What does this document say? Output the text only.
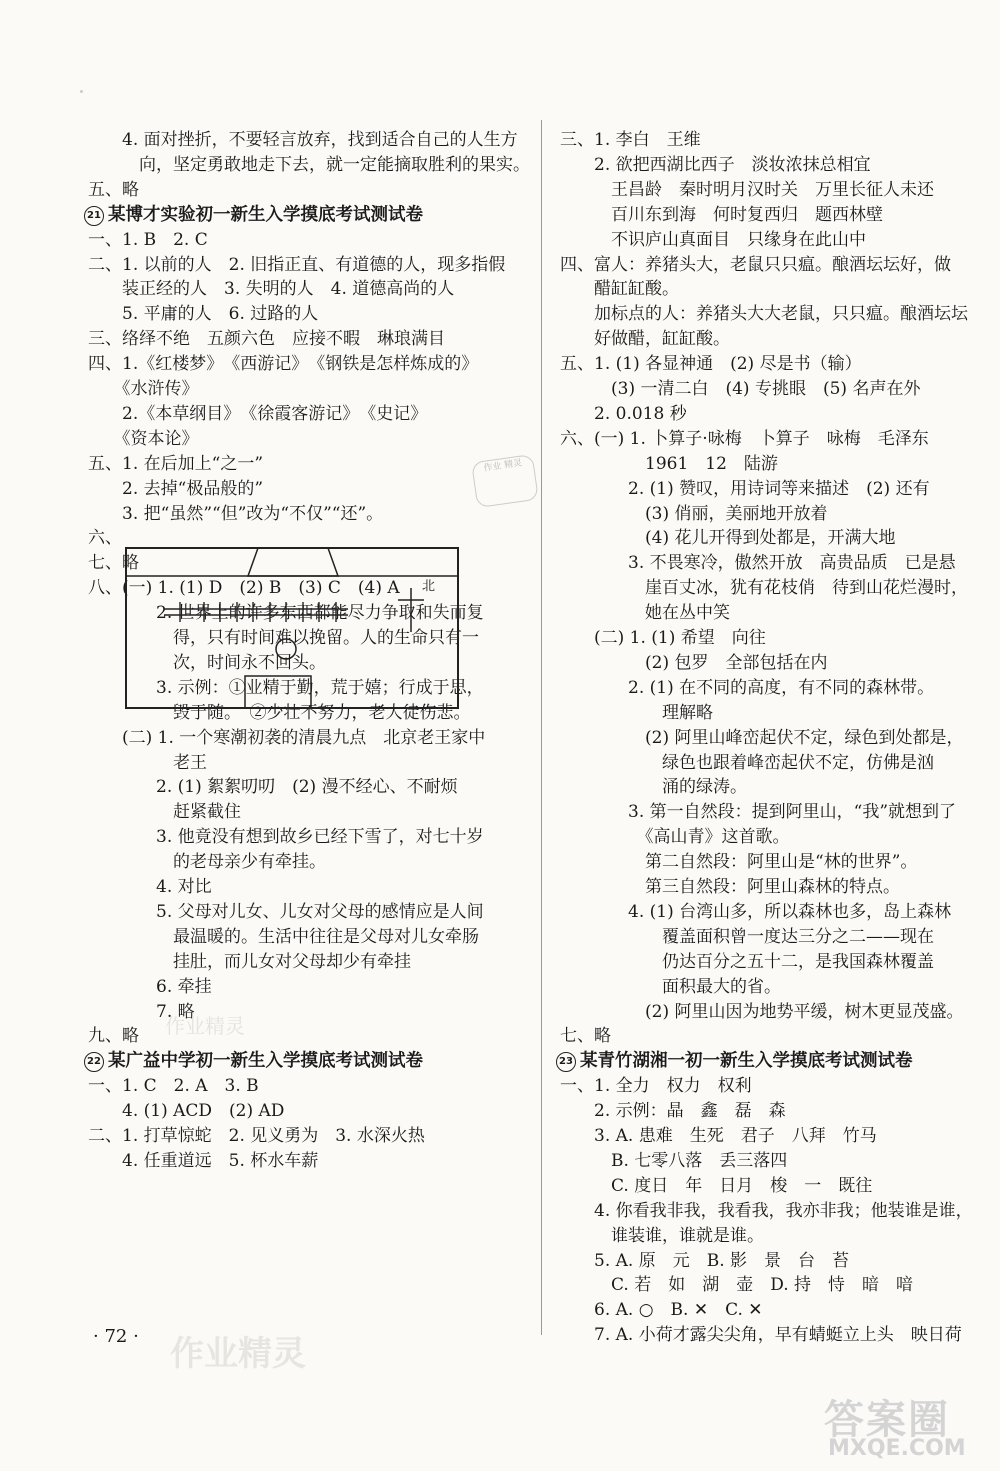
　　4. 面对挫折，不要轻言放弃，找到适合自己的人生方
　　　向，坚定勇敢地走下去，就一定能摘取胜利的果实。
五、略
21 某博才实验初一新生入学摸底考试测试卷
一、1. B　2. C
二、1. 以前的人　2. 旧指正直、有道德的人，现多指假
　　装正经的人　3. 失明的人　4. 道德高尚的人
　　5. 平庸的人　6. 过路的人
三、络绎不绝　五颜六色　应接不暇　琳琅满目
四、1.《红楼梦》　《西游记》　《钢铁是怎样炼成的》
　　《水浒传》
　　2.《本草纲目》　《徐霞客游记》　《史记》
　　《资本论》
五、1. 在后加上“之一”
　　2. 去掉“极品般的”
　　3. 把“虽然”“但”改为“不仅”“还”。
六、
七、略
八、(一) 1. (1) D　(2) B　(3) C　(4) A
　　　　2. 世界上的许多东西都能尽力争取和失而复
　　　　　得，只有时间难以挽留。人的生命只有一
　　　　　次，时间永不回头。
　　　　3. 示例：①业精于勤，荒于嬉；行成于思，
　　　　　毁于随。　②少壮不努力，老大徒伤悲。
　　(二) 1. 一个寒潮初袭的清晨九点　北京老王家中
　　　　　老王
　　　　2. (1) 絮絮叨叨　(2) 漫不经心、不耐烦
　　　　　赶紧截住
　　　　3. 他竟没有想到故乡已经下雪了，对七十岁
　　　　　的老母亲少有牵挂。
　　　　4. 对比
　　　　5. 父母对儿女、儿女对父母的感情应是人间
　　　　　最温暖的。生活中往往是父母对儿女牵肠
　　　　　挂肚，而儿女对父母却少有牵挂
　　　　6. 牵挂
　　　　7. 略
九、略
22 某广益中学初一新生入学摸底考试测试卷
一、1. C　2. A　3. B
　　4. (1) ACD　(2) AD
二、1. 打草惊蛇　2. 见义勇为　3. 水深火热
　　4. 任重道远　5. 杯水车薪
三、1. 李白　王维
　　2. 欲把西湖比西子　淡妆浓抹总相宜
　　　王昌龄　秦时明月汉时关　万里长征人未还
　　　百川东到海　何时复西归　题西林壁
　　　不识庐山真面目　只缘身在此山中
四、富人：养猪头大，老鼠只只瘟。酿酒坛坛好，做
　　醋缸缸酸。
　　加标点的人：养猪头大大老鼠，只只瘟。酿酒坛坛
　　好做醋，缸缸酸。
五、1. (1) 各显神通　(2) 尽是书（输）
　　　(3) 一清二白　(4) 专挑眼　(5) 名声在外
　　2. 0.018 秒
六、(一) 1. 卜算子·咏梅　卜算子　咏梅　毛泽东
　　　　　1961　12　陆游
　　　　2. (1) 赞叹，用诗词等来描述　(2) 还有
　　　　　(3) 俏丽，美丽地开放着
　　　　　(4) 花儿开得到处都是，开满大地
　　　　3. 不畏寒冷，傲然开放　高贵品质　已是悬
　　　　　崖百丈冰，犹有花枝俏　待到山花烂漫时，
　　　　　她在丛中笑
　　(二) 1. (1) 希望　向往
　　　　　(2) 包罗　全部包括在内
　　　　2. (1) 在不同的高度，有不同的森林带。
　　　　　　理解略
　　　　　(2) 阿里山峰峦起伏不定，绿色到处都是，
　　　　　　绿色也跟着峰峦起伏不定，仿佛是汹
　　　　　　涌的绿涛。
　　　　3. 第一自然段：提到阿里山，“我”就想到了
　　　　　《高山青》这首歌。
　　　　　第二自然段：阿里山是“林的世界”。
　　　　　第三自然段：阿里山森林的特点。
　　　　4. (1) 台湾山多，所以森林也多，岛上森林
　　　　　　覆盖面积曾一度达三分之二——现在
　　　　　　仍达百分之五十二，是我国森林覆盖
　　　　　　面积最大的省。
　　　　　(2) 阿里山因为地势平缓，树木更显茂盛。
七、略
23 某青竹湖湘一初一新生入学摸底考试测试卷
一、1. 全力　权力　权利
　　2. 示例：晶　鑫　磊　森
　　3. A. 患难　生死　君子　八拜　竹马
　　　B. 七零八落　丢三落四
　　　C. 度日　年　日月　梭　一　既往
　　4. 你看我非我，我看我，我亦非我；他装谁是谁，
　　　谁装谁，谁就是谁。
　　5. A. 原　元　B. 影　景　台　苔
　　　C. 若　如　湖　壶　D. 持　恃　暗　喑
　　6. A. ○　B. ✕　C. ✕
　　7. A. 小荷才露尖尖角，早有蜻蜓立上头　映日荷
北
作业 精灵
作业精灵
· 72 · 作业精灵
答案圈
MXQE.COM
